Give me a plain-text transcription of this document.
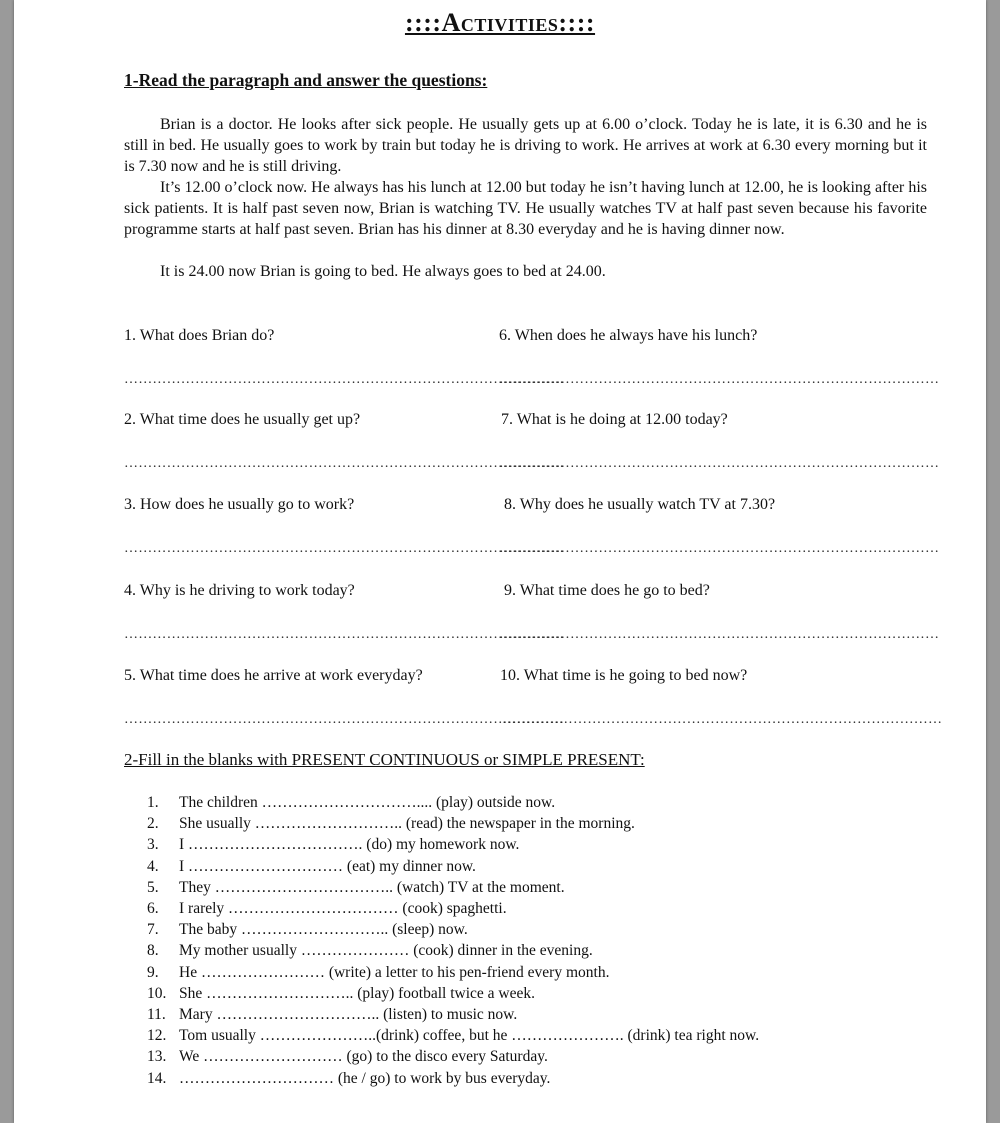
::::Activities::::
1-Read the paragraph and answer the questions:

Brian is a doctor. He looks after sick people. He usually gets up at 6.00 o’clock. Today he is late, it is 6.30 and he is still in bed. He usually goes to work by train but today he is driving to work. He arrives at work at 6.30 every morning but it is 7.30 now and he is still driving.

It’s 12.00 o’clock now. He always has his lunch at 12.00 but today he isn’t having lunch at 12.00, he is looking after his sick patients. It is half past seven now, Brian is watching TV. He usually watches TV at half past seven because his favorite programme starts at half past seven. Brian has his dinner at 8.30 everyday and he is having dinner now.

It is 24.00 now Brian is going to bed. He always goes to bed at 24.00.

1. What does Brian do?
…………………………………………………………………………………
2. What time does he usually get up?
…………………………………………………………………………………
3. How does he usually go to work?
…………………………………………………………………………………
4. Why is he driving to work today?
…………………………………………………………………………………
5. What time does he arrive at work everyday?
…………………………………………………………………………………
6. When does he always have his lunch?
…………………………………………………………………………………
7. What is he doing at 12.00 today?
…………………………………………………………………………………
8. Why does he usually watch TV at 7.30?
…………………………………………………………………………………
9. What time does he go to bed?
…………………………………………………………………………………
10. What time is he going to bed now?
…………………………………………………………………………………
2-Fill in the blanks with PRESENT CONTINUOUS or SIMPLE PRESENT:
1. The children ………………………….... (play) outside now.
2. She usually ……………………….. (read) the newspaper in the morning.
3. I ……………………………. (do) my homework now.
4. I ………………………… (eat) my dinner now.
5. They …………………………….. (watch) TV at the moment.
6. I rarely …………………………… (cook) spaghetti.
7. The baby ……………………….. (sleep) now.
8. My mother usually ………………… (cook) dinner in the evening.
9. He …………………… (write) a letter to his pen-friend every month.
10. She ……………………….. (play) football twice a week.
11. Mary ………………………….. (listen) to music now.
12. Tom usually …………………..(drink) coffee, but he …………………. (drink) tea right now.
13. We ……………………… (go) to the disco every Saturday.
14. ………………………… (he / go) to work by bus everyday.
